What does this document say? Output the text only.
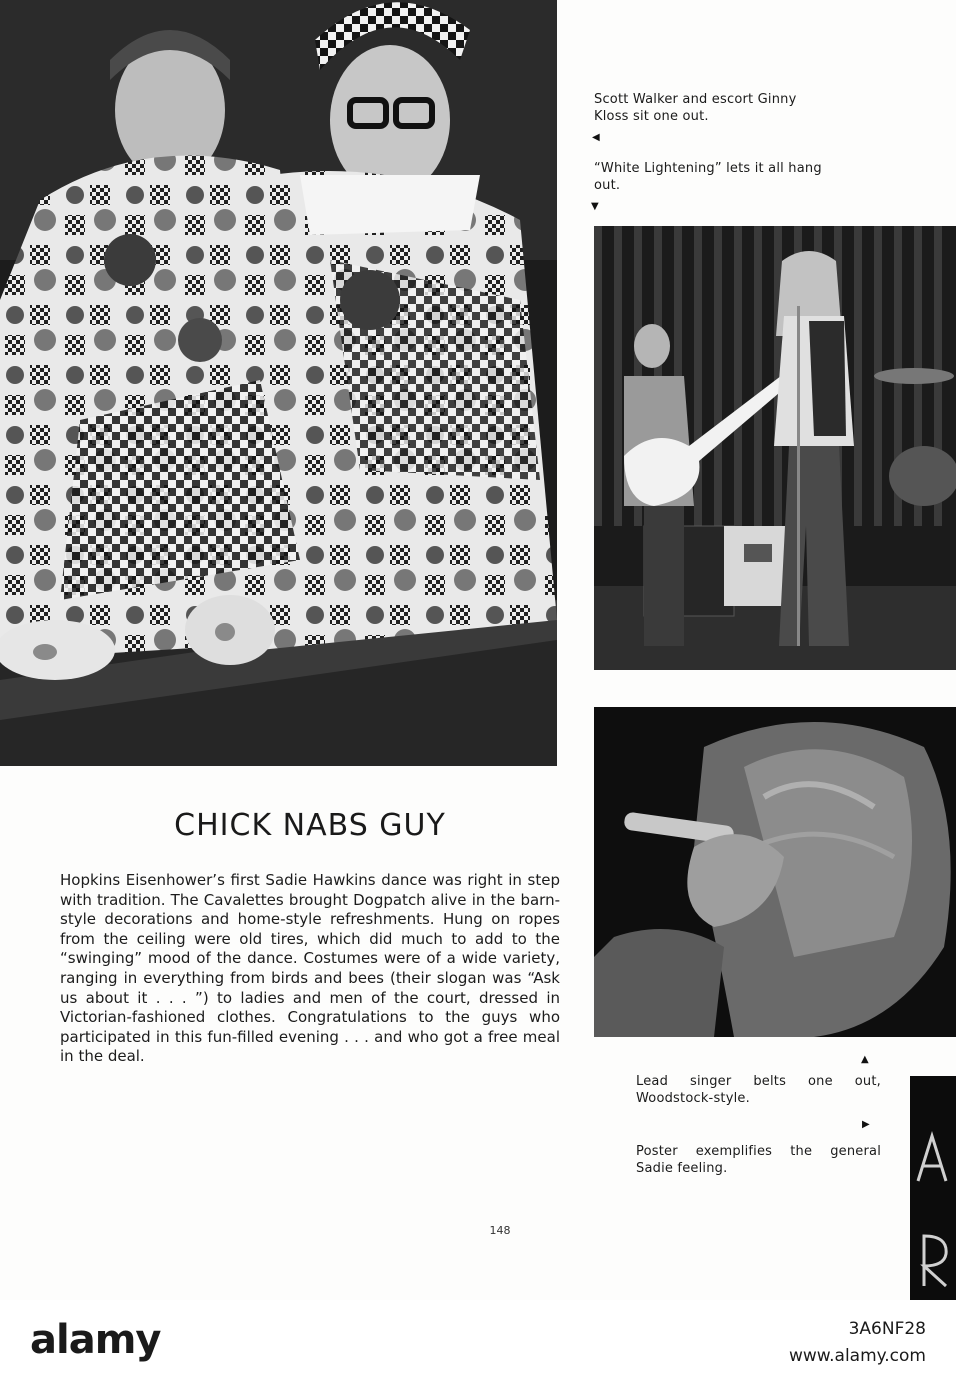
Scott Walker and escort Ginny Kloss sit one out.
◀
“White Lightening” lets it all hang out.
▼
▲
Lead singer belts one out, Woodstock-style.
▶
Poster exemplifies the general Sadie feeling.
CHICK NABS GUY
Hopkins Eisenhower’s first Sadie Hawkins dance was right in step with tradition. The Cavalettes brought Dogpatch alive in the barn-style decorations and home-style refreshments. Hung on ropes from the ceiling were old tires, which did much to add to the “swinging” mood of the dance. Costumes were of a wide variety, ranging in everything from birds and bees (their slogan was “Ask us about it . . . ”) to ladies and men of the court, dressed in Victorian-fashioned clothes. Congratulations to the guys who participated in this fun-filled evening . . . and who got a free meal in the deal.
148
alamy	3A6NF28
www.alamy.com
